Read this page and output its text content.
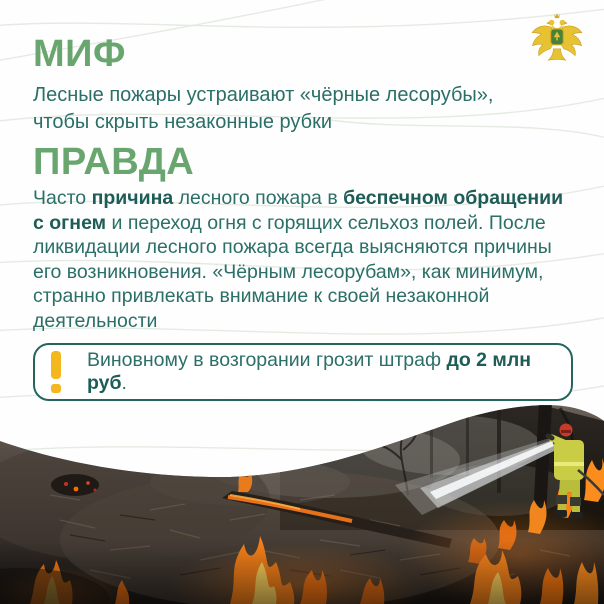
МИФ

Лесные пожары устраивают «чёрные лесорубы»,
чтобы скрыть незаконные рубки

ПРАВДА

Часто причина лесного пожара в беспечном обращении
с огнем и переход огня с горящих сельхоз полей. После
ликвидации лесного пожара всегда выясняются причины
его возникновения. «Чёрным лесорубам», как минимум,
странно привлекать внимание к своей незаконной
деятельности

Виновному в возгорании грозит штраф до 2 млн руб.
